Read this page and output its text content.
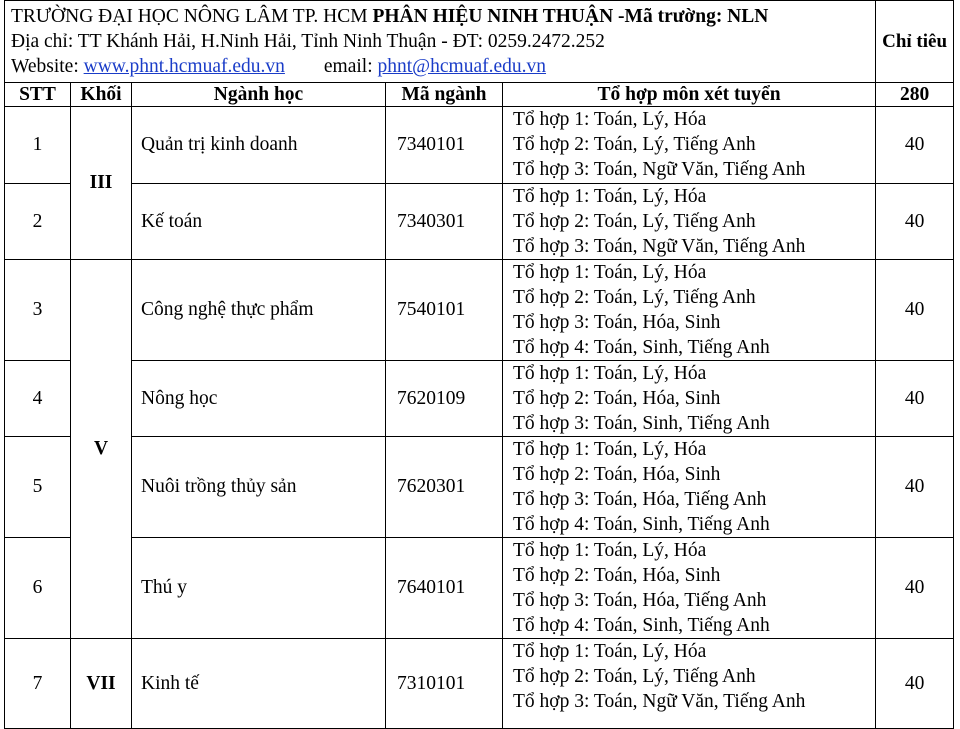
TRƯỜNG ĐẠI HỌC NÔNG LÂM TP. HCM PHÂN HIỆU NINH THUẬN -Mã trường: NLN
Địa chỉ: TT Khánh Hải, H.Ninh Hải, Tỉnh Ninh Thuận - ĐT: 0259.2472.252
Website: www.phnt.hcmuaf.edu.vn email: phnt@hcmuaf.edu.vn					Chỉ tiêu
STT	Khối	Ngành học	Mã ngành	Tổ hợp môn xét tuyển	280
1	III	Quản trị kinh doanh	7340101	Tổ hợp 1: Toán, Lý, Hóa
Tổ hợp 2: Toán, Lý, Tiếng Anh
Tổ hợp 3: Toán, Ngữ Văn, Tiếng Anh	40
2		Kế toán	7340301	Tổ hợp 1: Toán, Lý, Hóa
Tổ hợp 2: Toán, Lý, Tiếng Anh
Tổ hợp 3: Toán, Ngữ Văn, Tiếng Anh	40
3	V	Công nghệ thực phẩm	7540101	Tổ hợp 1: Toán, Lý, Hóa
Tổ hợp 2: Toán, Lý, Tiếng Anh
Tổ hợp 3: Toán, Hóa, Sinh
Tổ hợp 4: Toán, Sinh, Tiếng Anh	40
4		Nông học	7620109	Tổ hợp 1: Toán, Lý, Hóa
Tổ hợp 2: Toán, Hóa, Sinh
Tổ hợp 3: Toán, Sinh, Tiếng Anh	40
5		Nuôi trồng thủy sản	7620301	Tổ hợp 1: Toán, Lý, Hóa
Tổ hợp 2: Toán, Hóa, Sinh
Tổ hợp 3: Toán, Hóa, Tiếng Anh
Tổ hợp 4: Toán, Sinh, Tiếng Anh	40
6		Thú y	7640101	Tổ hợp 1: Toán, Lý, Hóa
Tổ hợp 2: Toán, Hóa, Sinh
Tổ hợp 3: Toán, Hóa, Tiếng Anh
Tổ hợp 4: Toán, Sinh, Tiếng Anh	40
7	VII	Kinh tế	7310101	Tổ hợp 1: Toán, Lý, Hóa
Tổ hợp 2: Toán, Lý, Tiếng Anh
Tổ hợp 3: Toán, Ngữ Văn, Tiếng Anh	40
